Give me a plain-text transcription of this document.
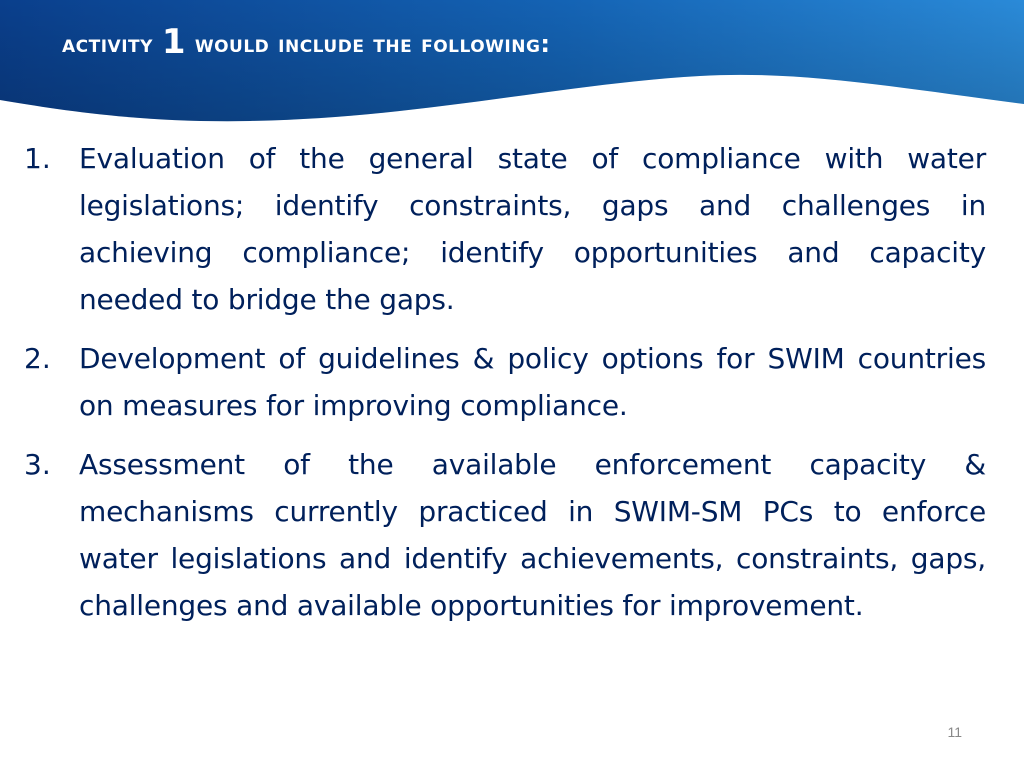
activity 1 would include the following:
1.	Evaluation of the general state of compliance with water legislations; identify constraints, gaps and challenges in achieving compliance; identify opportunities and capacity needed to bridge the gaps.
2.	Development of guidelines & policy options for SWIM countries on measures for improving compliance.
3.	Assessment of the available enforcement capacity & mechanisms currently practiced in SWIM-SM PCs to enforce water legislations and identify achievements, constraints, gaps, challenges and available opportunities for improvement.
11
